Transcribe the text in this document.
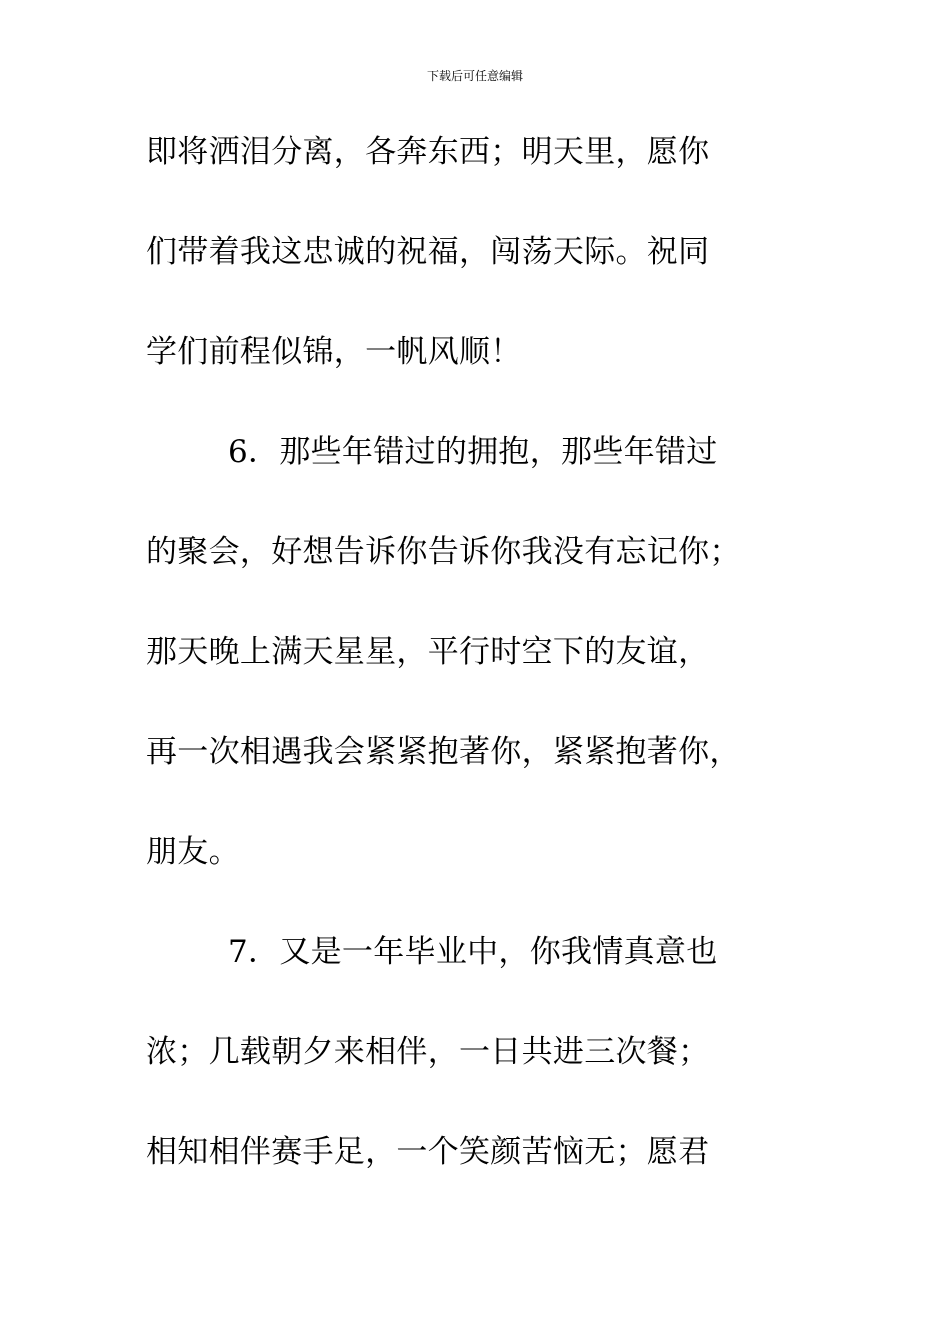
下载后可任意编辑
即将洒泪分离，各奔东西；明天里，愿你
们带着我这忠诚的祝福，闯荡天际。祝同
学们前程似锦，一帆风顺！
6．那些年错过的拥抱，那些年错过
的聚会，好想告诉你告诉你我没有忘记你；
那天晚上满天星星，平行时空下的友谊，
再一次相遇我会紧紧抱著你，紧紧抱著你，
朋友。
7．又是一年毕业中，你我情真意也
浓；几载朝夕来相伴，一日共进三次餐；
相知相伴赛手足，一个笑颜苦恼无；愿君
